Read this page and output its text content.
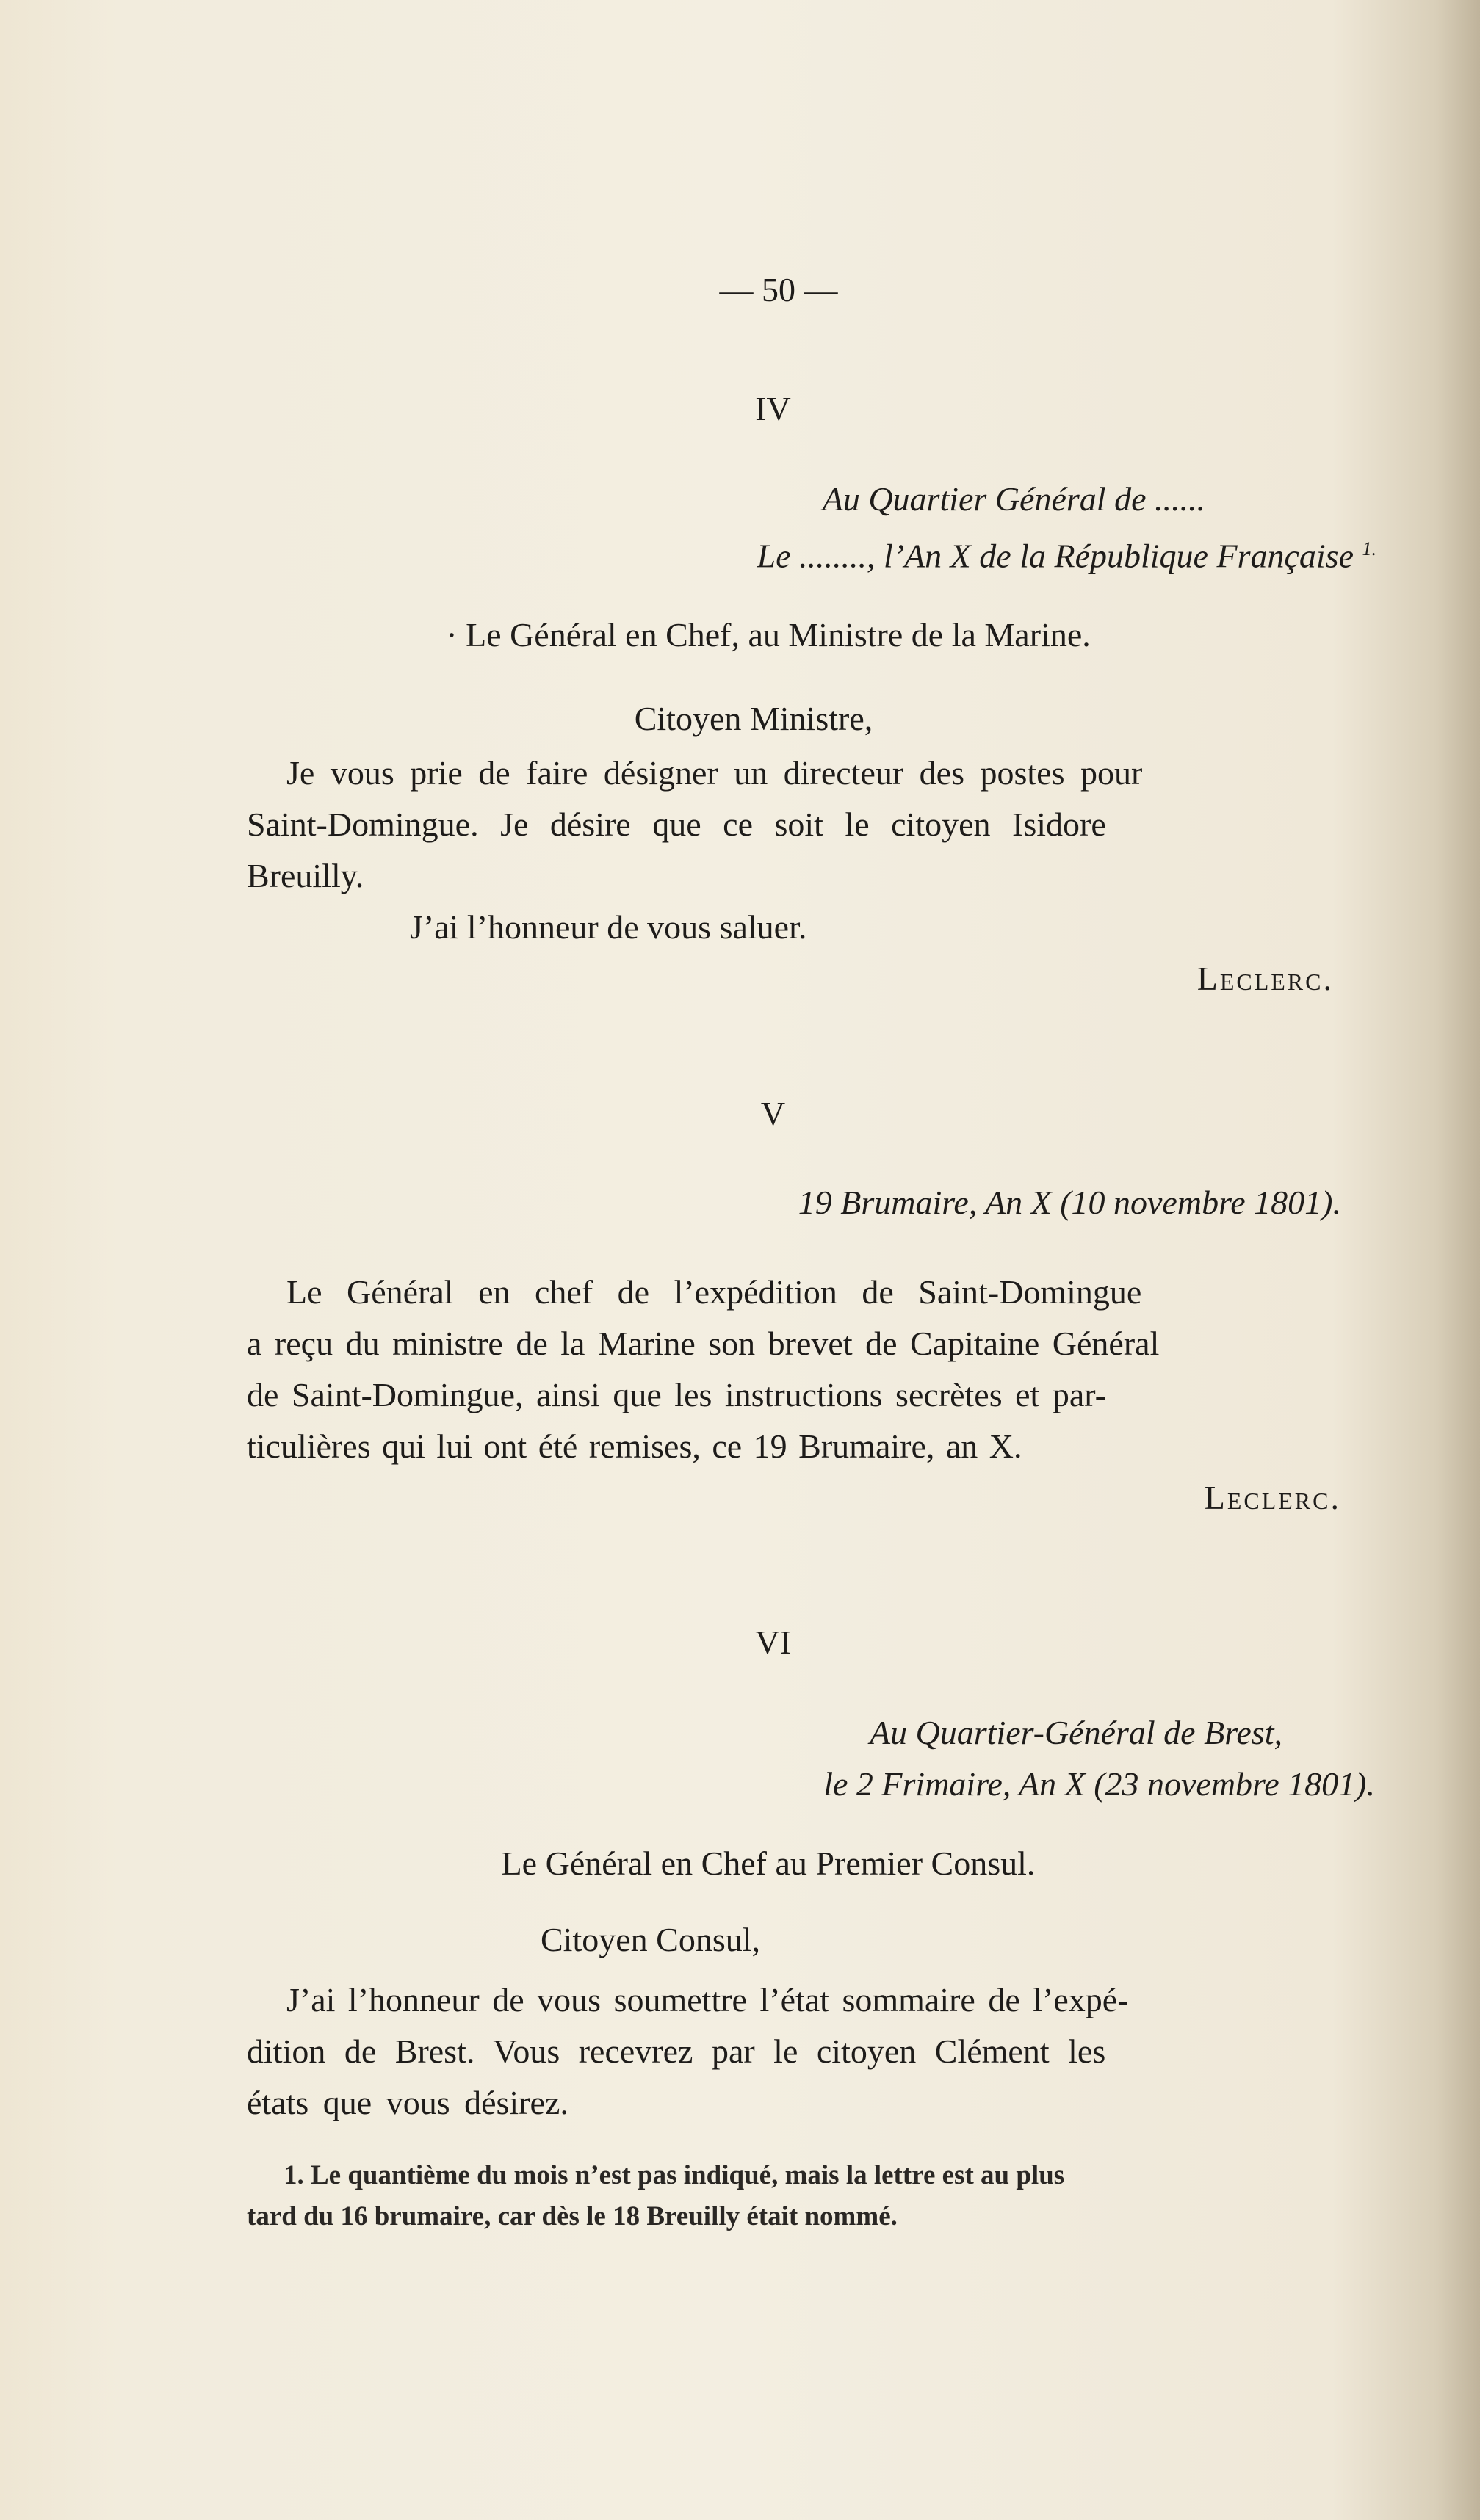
— 50 —
IV
Au Quartier Général de ......
Le ........, l’An X de la République Française $^{1.}$
· Le Général en Chef, au Ministre de la Marine.
Citoyen Ministre,
Je vous prie de faire désigner un directeur des postes pour
Saint-Domingue. Je désire que ce soit le citoyen Isidore
Breuilly.
J’ai l’honneur de vous saluer.
Leclerc.
V
19 Brumaire, An X (10 novembre 1801).
Le Général en chef de l’expédition de Saint-Domingue
a reçu du ministre de la Marine son brevet de Capitaine Général
de Saint-Domingue, ainsi que les instructions secrètes et par-
ticulières qui lui ont été remises, ce 19 Brumaire, an X.
Leclerc.
VI
Au Quartier-Général de Brest,
le 2 Frimaire, An X (23 novembre 1801).
Le Général en Chef au Premier Consul.
Citoyen Consul,
J’ai l’honneur de vous soumettre l’état sommaire de l’expé-
dition de Brest. Vous recevrez par le citoyen Clément les
états que vous désirez.
1. Le quantième du mois n’est pas indiqué, mais la lettre est au plus
tard du 16 brumaire, car dès le 18 Breuilly était nommé.
